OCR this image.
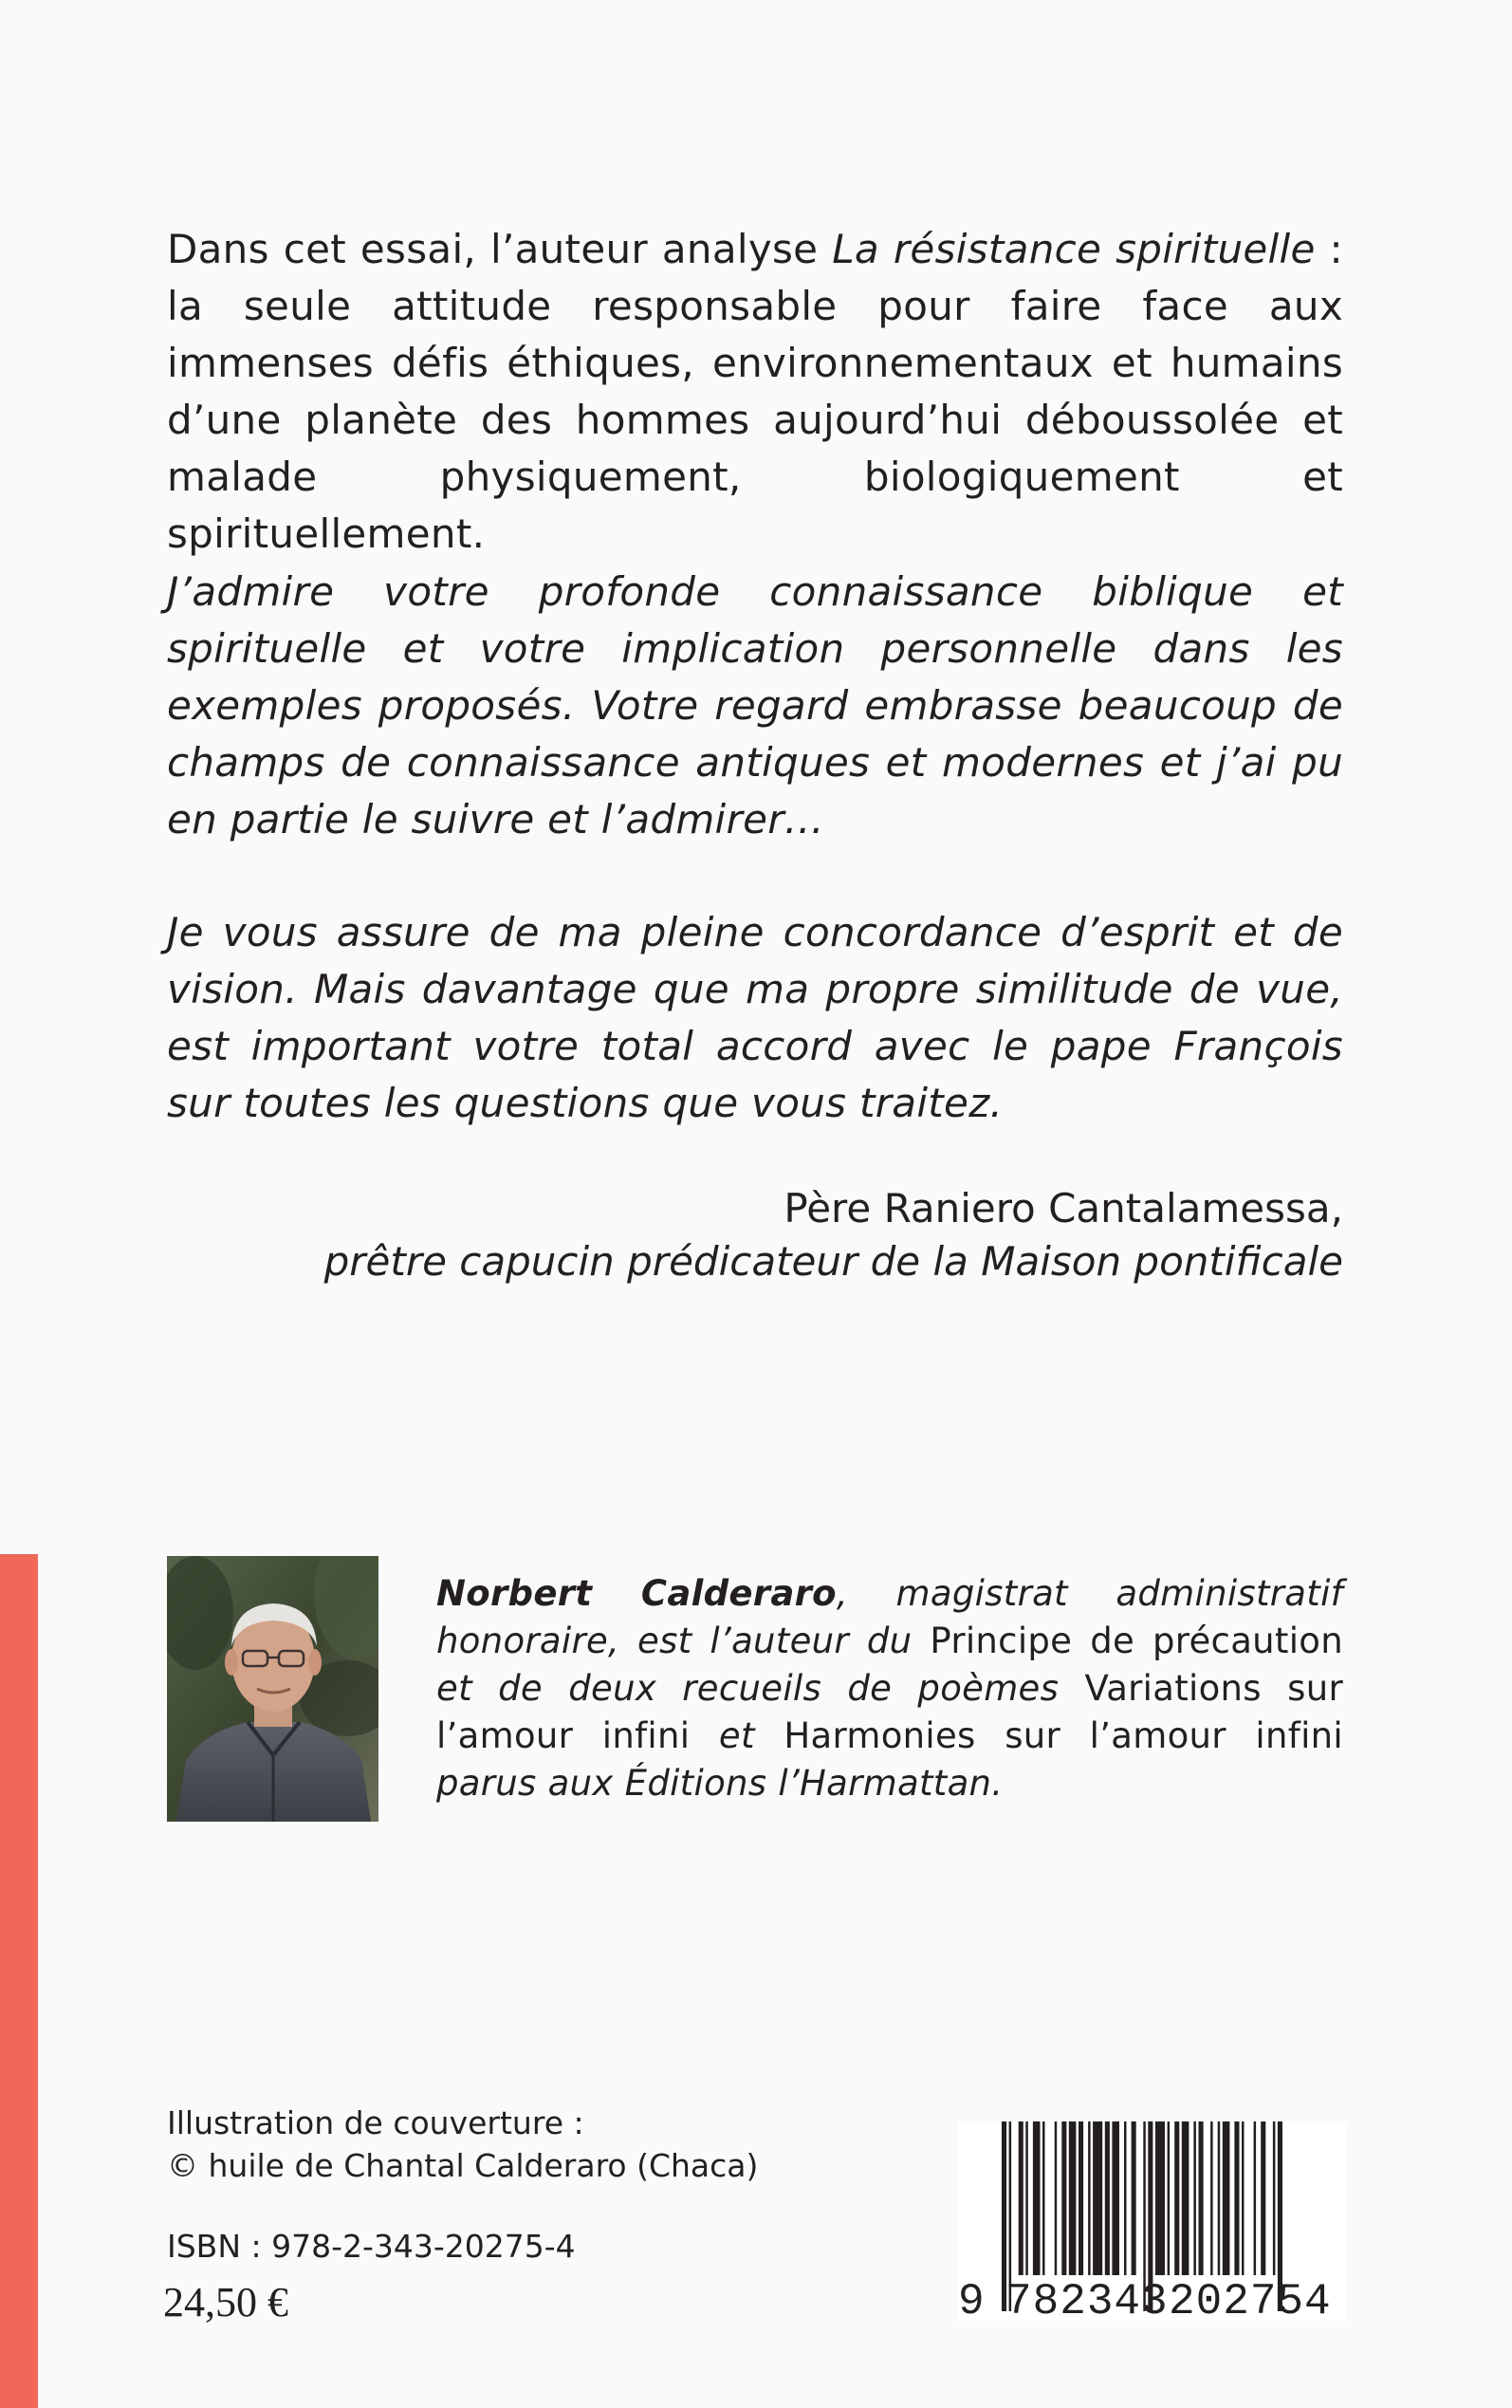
Dans cet essai, l’auteur analyse La résistance spirituelle : la seule attitude responsable pour faire face aux immenses défis éthiques, environnementaux et humains d’une planète des hommes aujourd’hui déboussolée et malade physiquement, biologiquement et spirituellement.

J’admire votre profonde connaissance biblique et spirituelle et votre implication personnelle dans les exemples proposés. Votre regard embrasse beaucoup de champs de connaissance antiques et modernes et j’ai pu en partie le suivre et l’admirer…

Je vous assure de ma pleine concordance d’esprit et de vision. Mais davantage que ma propre similitude de vue, est important votre total accord avec le pape François sur toutes les questions que vous traitez.

Père Raniero Cantalamessa,
prêtre capucin prédicateur de la Maison pontificale

Norbert Calderaro, magistrat administratif honoraire, est l’auteur du Principe de précaution et de deux recueils de poèmes Variations sur l’amour infini et Harmonies sur l’amour infini parus aux Éditions l’Harmattan.

Illustration de couverture :
© huile de Chantal Calderaro (Chaca)
ISBN : 978-2-343-20275-4
24,50 €	9 782343 202754
